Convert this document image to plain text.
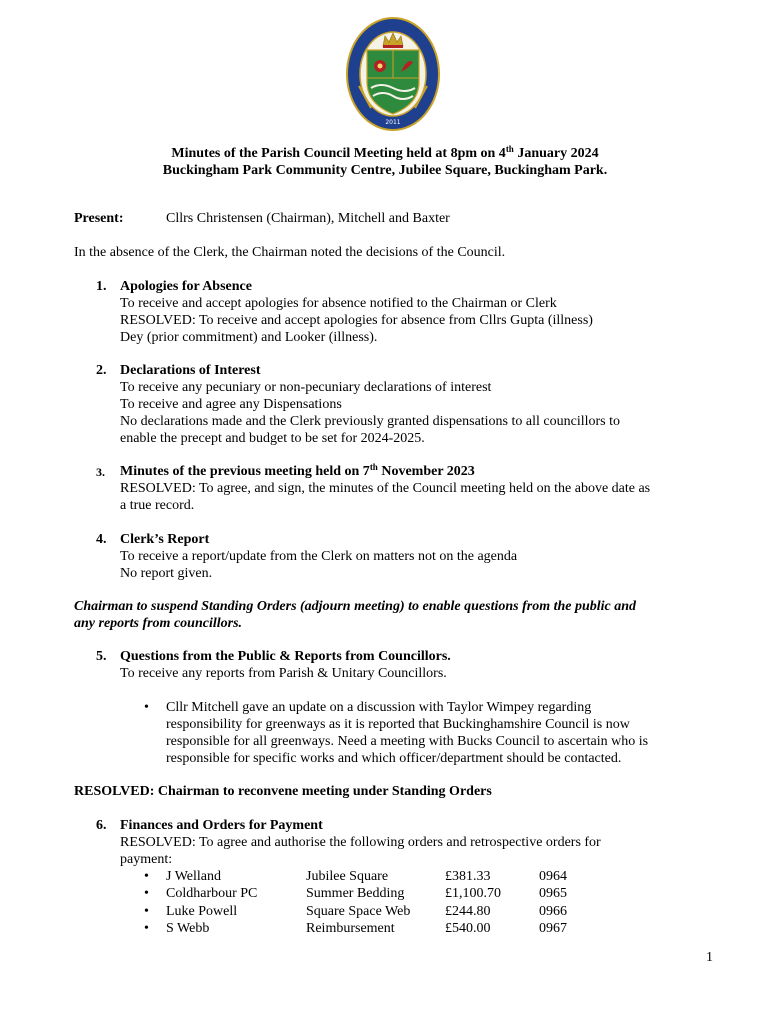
2011
Minutes of the Parish Council Meeting held at 8pm on 4th January 2024
Buckingham Park Community Centre, Jubilee Square, Buckingham Park.
Present:	Cllrs Christensen (Chairman), Mitchell and Baxter
In the absence of the Clerk, the Chairman noted the decisions of the Council.
1. Apologies for Absence
To receive and accept apologies for absence notified to the Chairman or Clerk
RESOLVED: To receive and accept apologies for absence from Cllrs Gupta (illness)
Dey (prior commitment) and Looker (illness).
2. Declarations of Interest
To receive any pecuniary or non-pecuniary declarations of interest
To receive and agree any Dispensations
No declarations made and the Clerk previously granted dispensations to all councillors to
enable the precept and budget to be set for 2024-2025.
3. Minutes of the previous meeting held on 7th November 2023
RESOLVED: To agree, and sign, the minutes of the Council meeting held on the above date as
a true record.
4. Clerk’s Report
To receive a report/update from the Clerk on matters not on the agenda
No report given.
Chairman to suspend Standing Orders (adjourn meeting) to enable questions from the public and
any reports from councillors.
5. Questions from the Public & Reports from Councillors.
To receive any reports from Parish & Unitary Councillors.
• Cllr Mitchell gave an update on a discussion with Taylor Wimpey regarding
responsibility for greenways as it is reported that Buckinghamshire Council is now
responsible for all greenways. Need a meeting with Bucks Council to ascertain who is
responsible for specific works and which officer/department should be contacted.
RESOLVED: Chairman to reconvene meeting under Standing Orders
6. Finances and Orders for Payment
RESOLVED: To agree and authorise the following orders and retrospective orders for
payment:
• J Welland	Jubilee Square	£381.33	0964
• Coldharbour PC	Summer Bedding	£1,100.70	0965
• Luke Powell	Square Space Web £244.80	0966
• S Webb	Reimbursement	£540.00	0967
1
